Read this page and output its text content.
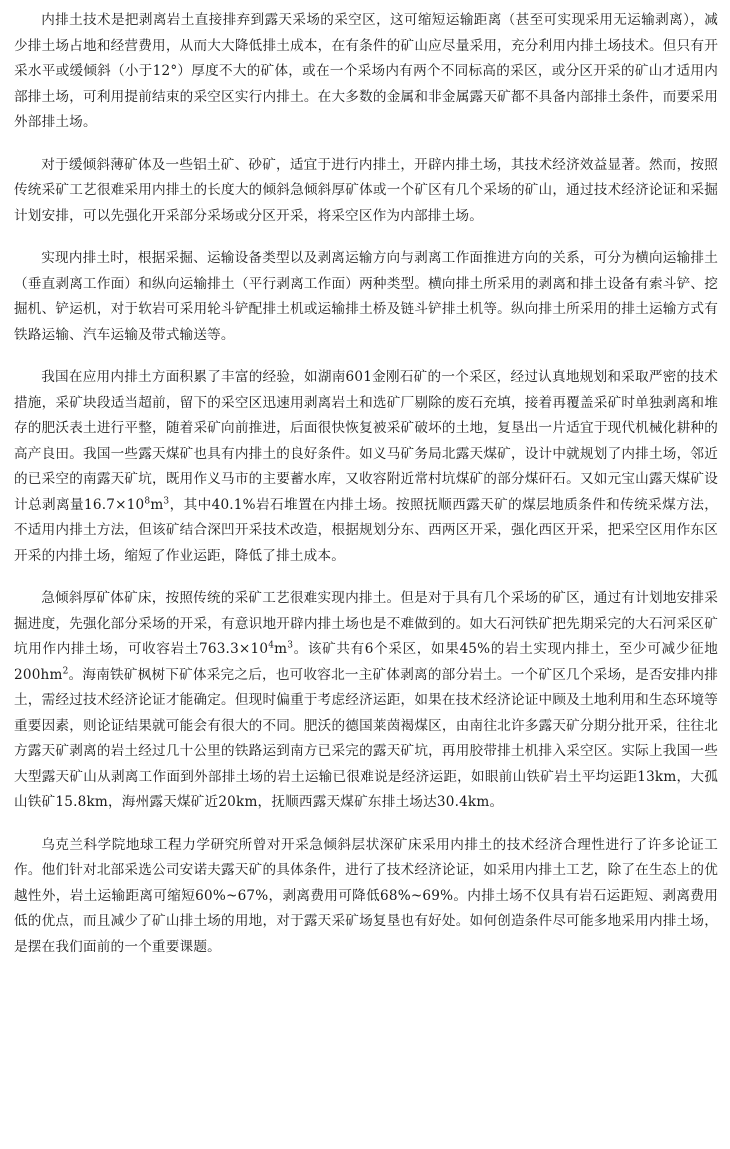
内排土技术是把剥离岩土直接排弃到露天采场的采空区，这可缩短运输距离（甚至可实现采用无运输剥离），减少排土场占地和经营费用，从而大大降低排土成本，在有条件的矿山应尽量采用，充分利用内排土场技术。但只有开采水平或缓倾斜（小于12°）厚度不大的矿体，或在一个采场内有两个不同标高的采区，或分区开采的矿山才适用内部排土场，可利用提前结束的采空区实行内排土。在大多数的金属和非金属露天矿都不具备内部排土条件，而要采用外部排土场。

对于缓倾斜薄矿体及一些铝土矿、砂矿，适宜于进行内排土，开辟内排土场，其技术经济效益显著。然而，按照传统采矿工艺很难采用内排土的长度大的倾斜急倾斜厚矿体或一个矿区有几个采场的矿山，通过技术经济论证和采掘计划安排，可以先强化开采部分采场或分区开采，将采空区作为内部排土场。

实现内排土时，根据采掘、运输设备类型以及剥离运输方向与剥离工作面推进方向的关系，可分为横向运输排土（垂直剥离工作面）和纵向运输排土（平行剥离工作面）两种类型。横向排土所采用的剥离和排土设备有索斗铲、挖掘机、铲运机，对于软岩可采用轮斗铲配排土机或运输排土桥及链斗铲排土机等。纵向排土所采用的排土运输方式有铁路运输、汽车运输及带式输送等。

我国在应用内排土方面积累了丰富的经验，如湖南601金刚石矿的一个采区，经过认真地规划和采取严密的技术措施，采矿块段适当超前，留下的采空区迅速用剥离岩土和选矿厂剔除的废石充填，接着再覆盖采矿时单独剥离和堆存的肥沃表土进行平整，随着采矿向前推进，后面很快恢复被采矿破坏的土地，复垦出一片适宜于现代机械化耕种的高产良田。我国一些露天煤矿也具有内排土的良好条件。如义马矿务局北露天煤矿，设计中就规划了内排土场，邻近的已采空的南露天矿坑，既用作义马市的主要蓄水库，又收容附近常村坑煤矿的部分煤矸石。又如元宝山露天煤矿设计总剥离量$16.7\times 10^8m^3$，其中40.1%岩石堆置在内排土场。按照抚顺西露天矿的煤层地质条件和传统采煤方法，不适用内排土方法，但该矿结合深凹开采技术改造，根据规划分东、西两区开采，强化西区开采，把采空区用作东区开采的内排土场，缩短了作业运距，降低了排土成本。

急倾斜厚矿体矿床，按照传统的采矿工艺很难实现内排土。但是对于具有几个采场的矿区，通过有计划地安排采掘进度，先强化部分采场的开采，有意识地开辟内排土场也是不难做到的。如大石河铁矿把先期采完的大石河采区矿坑用作内排土场，可收容岩土$763.3\times 10^4m^3$。该矿共有6个采区，如果45%的岩土实现内排土，至少可减少征地$200hm^2$。海南铁矿枫树下矿体采完之后，也可收容北一主矿体剥离的部分岩土。一个矿区几个采场，是否安排内排土，需经过技术经济论证才能确定。但现时偏重于考虑经济运距，如果在技术经济论证中顾及土地利用和生态环境等重要因素，则论证结果就可能会有很大的不同。肥沃的德国莱茵褐煤区，由南往北许多露天矿分期分批开采，往往北方露天矿剥离的岩土经过几十公里的铁路运到南方已采完的露天矿坑，再用胶带排土机排入采空区。实际上我国一些大型露天矿山从剥离工作面到外部排土场的岩土运输已很难说是经济运距，如眼前山铁矿岩土平均运距13km，大孤山铁矿15.8km，海州露天煤矿近20km，抚顺西露天煤矿东排土场达30.4km。

乌克兰科学院地球工程力学研究所曾对开采急倾斜层状深矿床采用内排土的技术经济合理性进行了许多论证工作。他们针对北部采选公司安诺夫露天矿的具体条件，进行了技术经济论证，如采用内排土工艺，除了在生态上的优越性外，岩土运输距离可缩短60%~67%，剥离费用可降低68%~69%。内排土场不仅具有岩石运距短、剥离费用低的优点，而且减少了矿山排土场的用地，对于露天采矿场复垦也有好处。如何创造条件尽可能多地采用内排土场，是摆在我们面前的一个重要课题。
